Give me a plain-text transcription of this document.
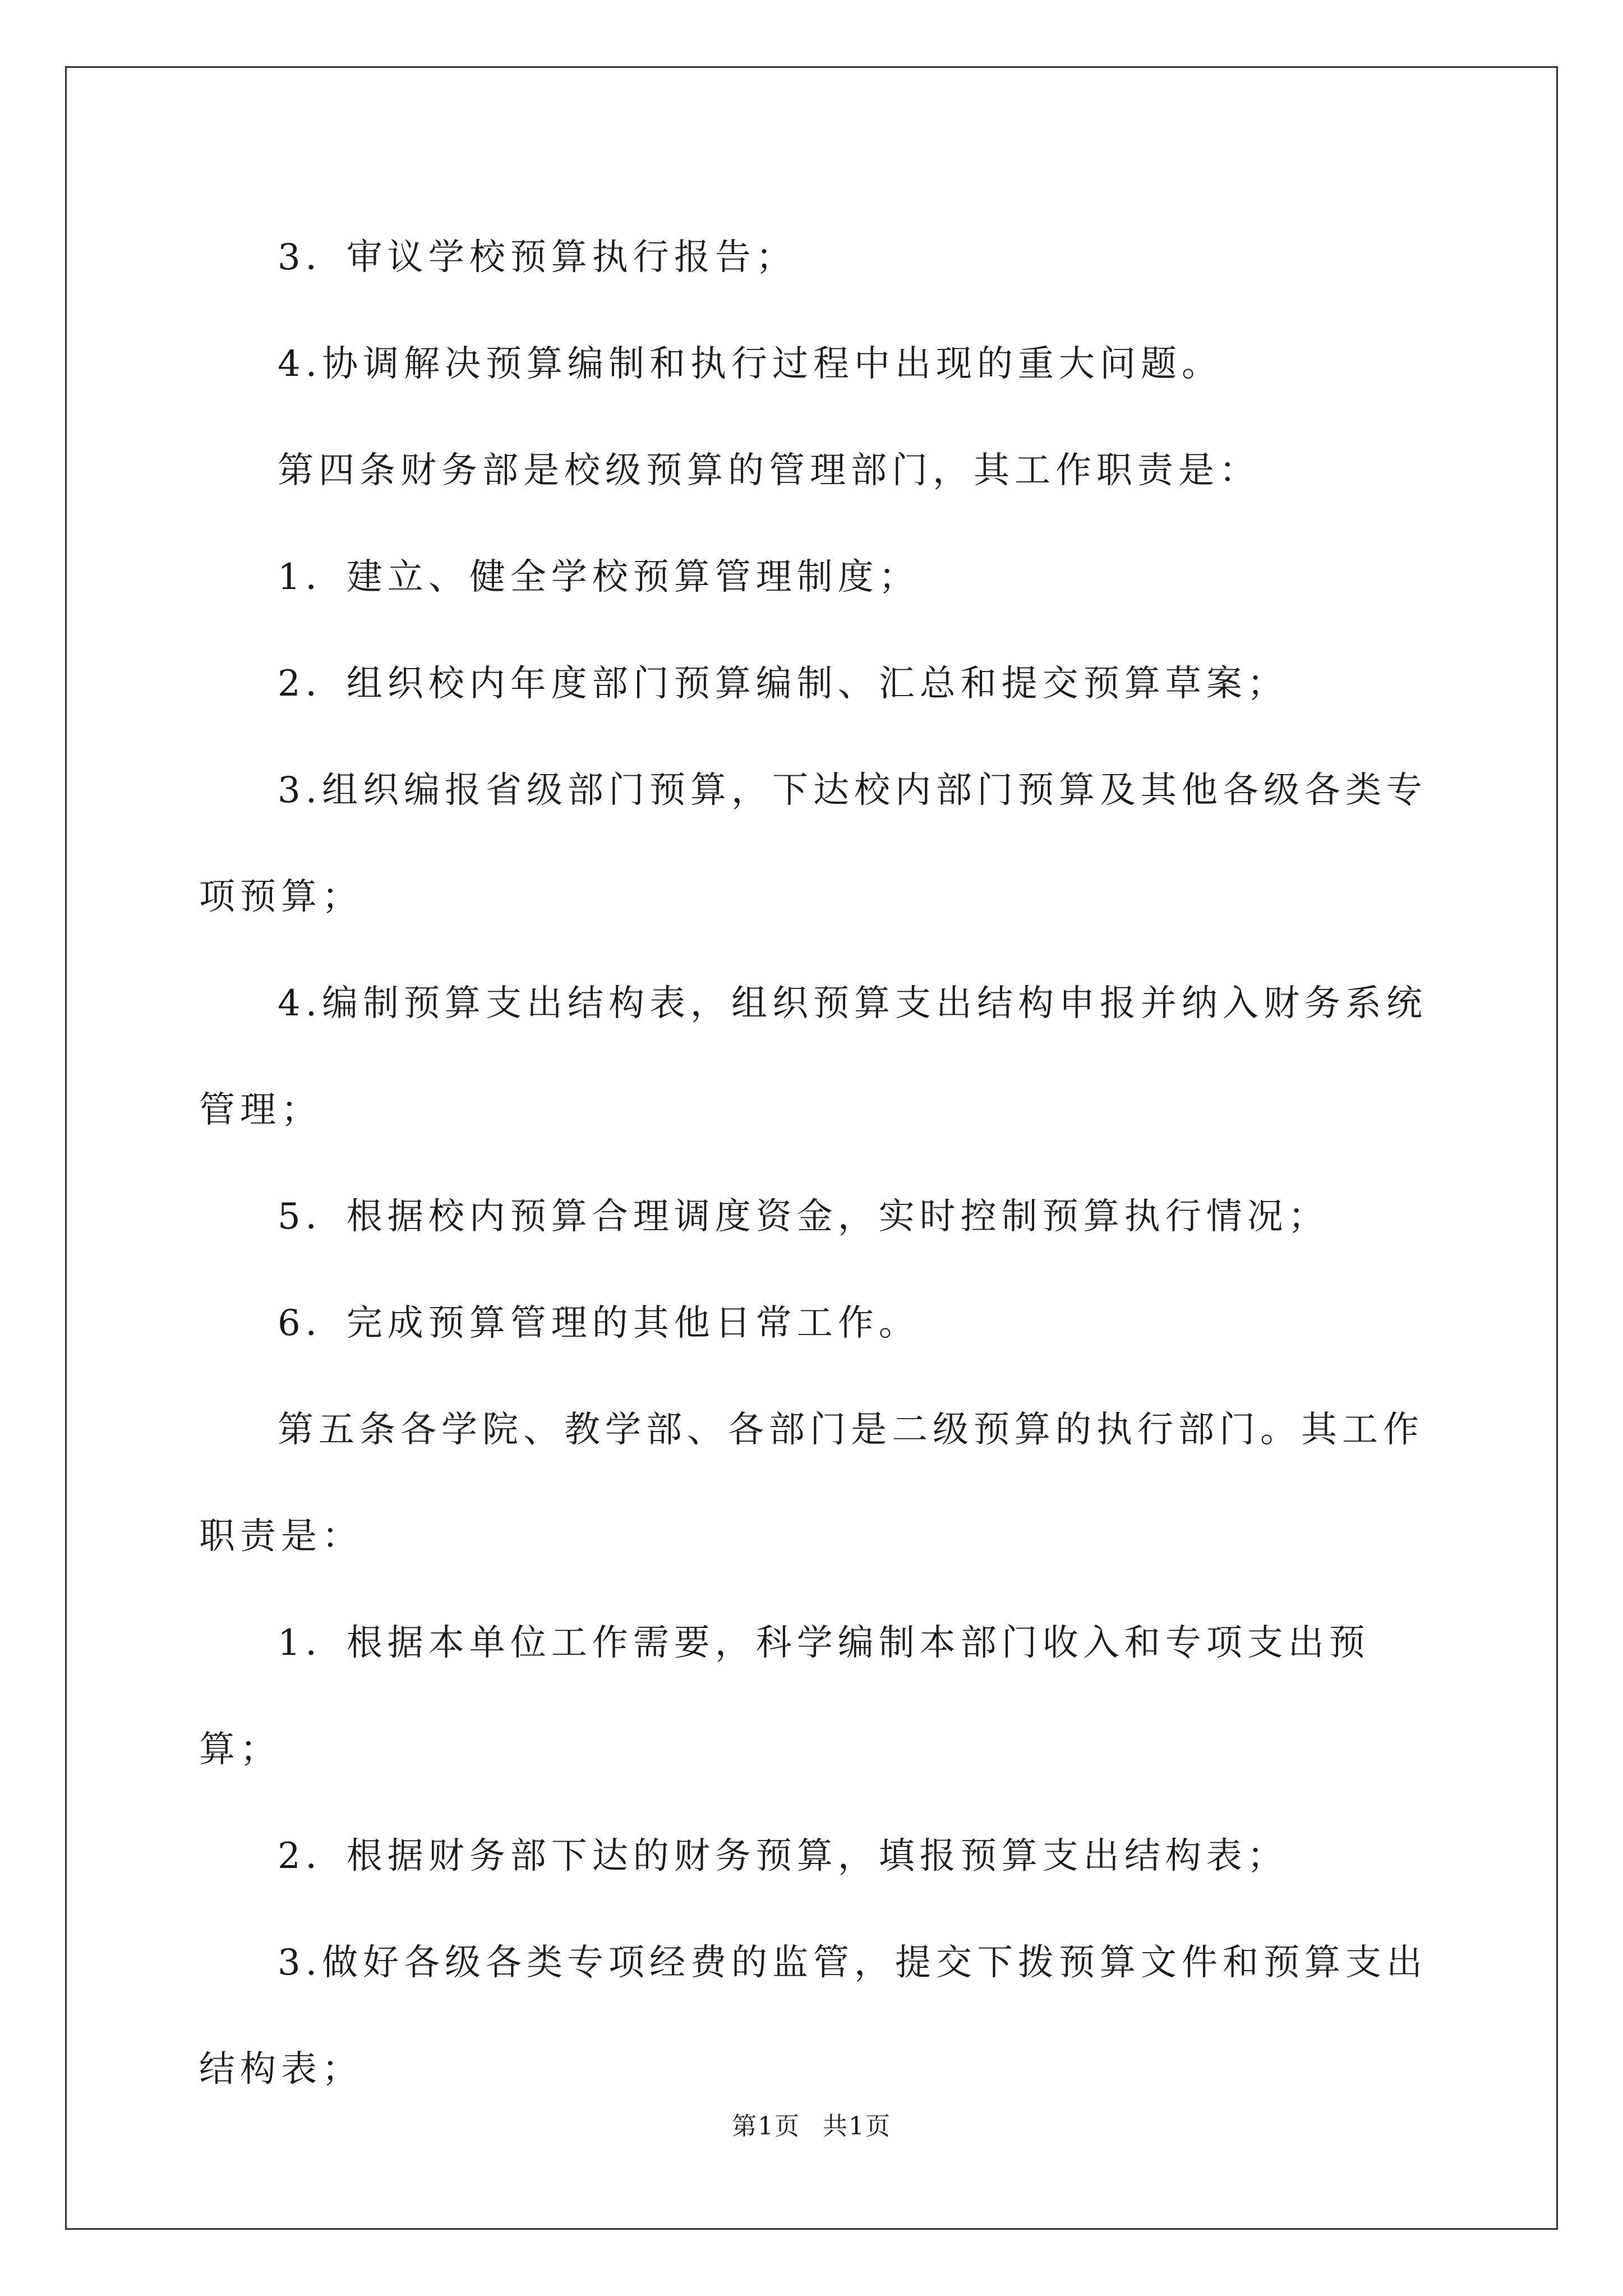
3．审议学校预算执行报告；

4.协调解决预算编制和执行过程中出现的重大问题。

第四条财务部是校级预算的管理部门，其工作职责是：

1．建立、健全学校预算管理制度；

2．组织校内年度部门预算编制、汇总和提交预算草案；

3.组织编报省级部门预算，下达校内部门预算及其他各级各类专项预算；

4.编制预算支出结构表，组织预算支出结构申报并纳入财务系统管理；

5．根据校内预算合理调度资金，实时控制预算执行情况；

6．完成预算管理的其他日常工作。

第五条各学院、教学部、各部门是二级预算的执行部门。其工作职责是：

1．根据本单位工作需要，科学编制本部门收入和专项支出预算；

2．根据财务部下达的财务预算，填报预算支出结构表；

3.做好各级各类专项经费的监管，提交下拨预算文件和预算支出结构表；

第1页 共1页
